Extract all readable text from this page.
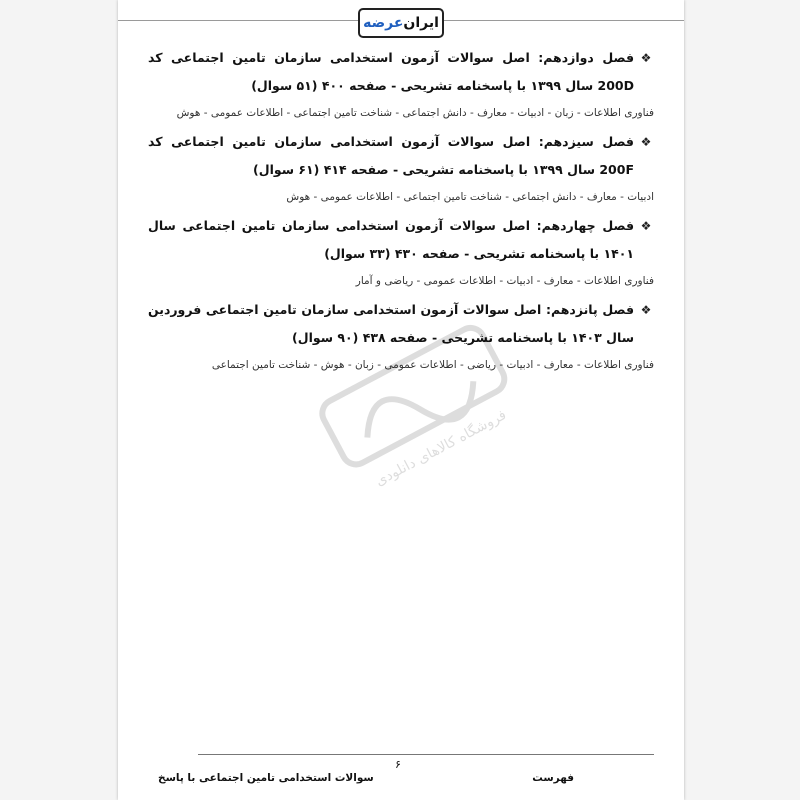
ایران
عرضه
❖
فصل دوازدهم: اصل سوالات آزمون استخدامی سازمان تامین اجتماعی کد 200D سال ۱۳۹۹ با پاسخنامه تشریحی - صفحه ۴۰۰ (۵۱ سوال)
فناوری اطلاعات - زبان - ادبیات - معارف - دانش اجتماعی - شناخت تامین اجتماعی - اطلاعات عمومی - هوش
❖
فصل سیزدهم: اصل سوالات آزمون استخدامی سازمان تامین اجتماعی کد 200F سال ۱۳۹۹ با پاسخنامه تشریحی - صفحه ۴۱۴ (۶۱ سوال)
ادبیات - معارف - دانش اجتماعی - شناخت تامین اجتماعی - اطلاعات عمومی - هوش
❖
فصل چهاردهم: اصل سوالات آزمون استخدامی سازمان تامین اجتماعی سال ۱۴۰۱ با پاسخنامه تشریحی - صفحه ۴۳۰ (۳۳ سوال)
فناوری اطلاعات - معارف - ادبیات - اطلاعات عمومی - ریاضی و آمار
❖
فصل پانزدهم: اصل سوالات آزمون استخدامی سازمان تامین اجتماعی فروردین سال ۱۴۰۳ با پاسخنامه تشریحی - صفحه ۴۳۸ (۹۰ سوال)
فناوری اطلاعات - معارف - ادبیات - ریاضی - اطلاعات عمومی - زبان - هوش - شناخت تامین اجتماعی
فروشگاه کالاهای دانلودی
۶
سوالات استخدامی تامین اجتماعی با پاسخ	فهرست
